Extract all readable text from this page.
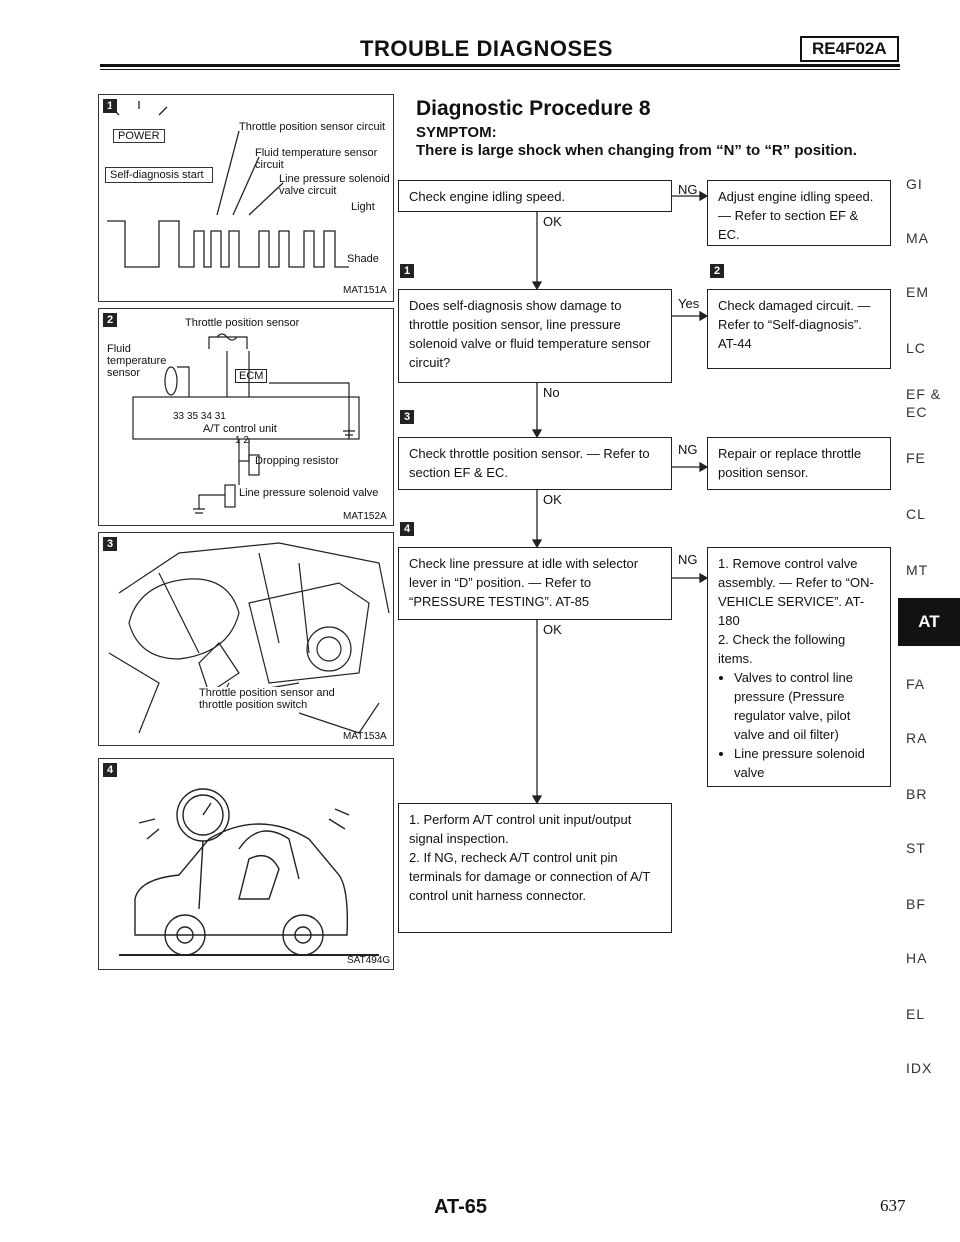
TROUBLE DIAGNOSES	RE4F02A
Diagnostic Procedure 8
SYMPTOM:
There is large shock when changing from “N” to “R” position.
Check engine idling speed.	NG
OK
Adjust engine idling speed. — Refer to section EF & EC.
1	2
Does self-diagnosis show damage to throttle position sensor, line pressure solenoid valve or fluid temperature sensor circuit?
Yes
No
Check damaged circuit. — Refer to “Self-diagnosis”. AT-44
3
Check throttle position sensor. — Refer to section EF & EC.
NG
OK
Repair or replace throttle position sensor.
4
Check line pressure at idle with selector lever in “D” position. — Refer to “PRESSURE TESTING”. AT-85
NG
OK
1. Remove control valve assembly. — Refer to “ON-VEHICLE SERVICE”. AT-180
2. Check the following items.
• Valves to control line pressure (Pressure regulator valve, pilot valve and oil filter)
• Line pressure solenoid valve
1. Perform A/T control unit input/output signal inspection.
2. If NG, recheck A/T control unit pin terminals for damage or connection of A/T control unit harness connector.
1
POWER
Self-diagnosis start
Throttle position sensor circuit
Fluid temperature sensor circuit
Line pressure solenoid valve circuit
Light
Shade
MAT151A
2	Throttle position sensor
Fluid temperature sensor	ECM
33 35 34 31
A/T control unit
1 2
Dropping resistor
Line pressure solenoid valve
MAT152A
3
Throttle position sensor and throttle position switch
MAT153A
4
SAT494G
GI
MA
EM
LC
EF &
EC
FE
CL
MT
AT
FA
RA
BR
ST
BF
HA
EL
IDX
AT-65	637
